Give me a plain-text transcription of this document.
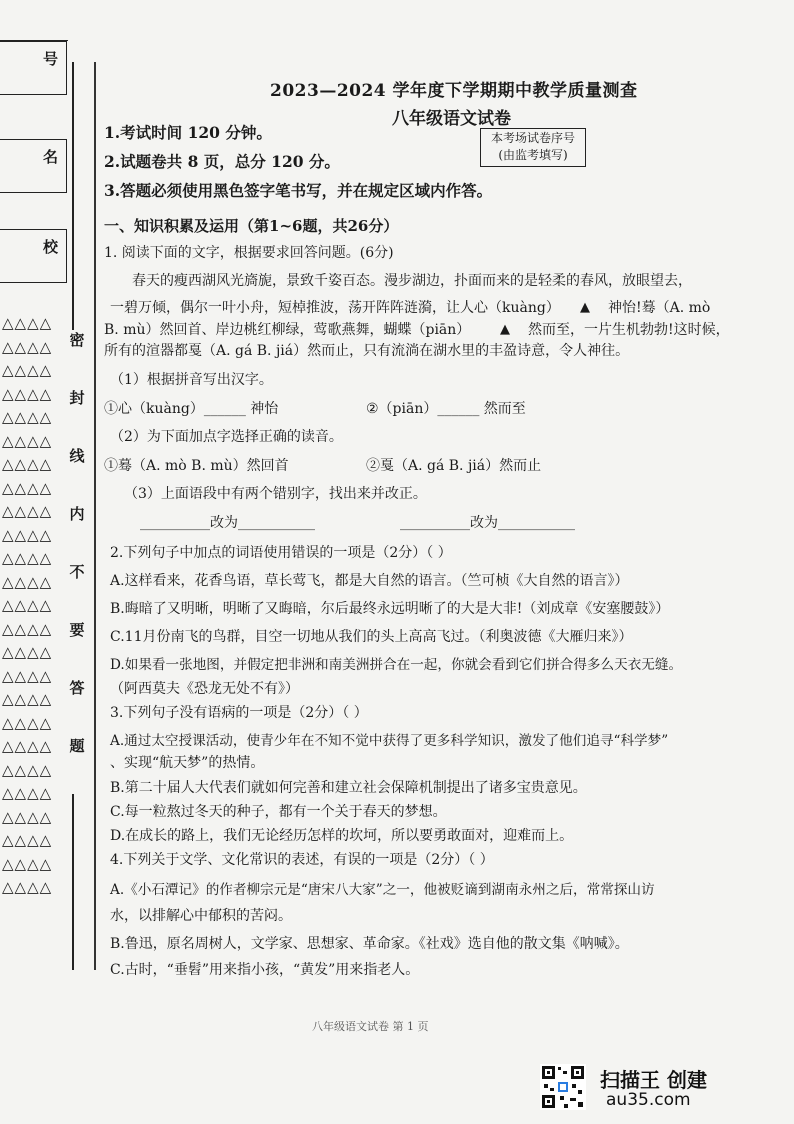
号
名
校
△△△△
△△△△
△△△△
△△△△
△△△△
△△△△
△△△△
△△△△
△△△△
△△△△
△△△△
△△△△
△△△△
△△△△
△△△△
△△△△
△△△△
△△△△
△△△△
△△△△
△△△△
△△△△
△△△△
△△△△
△△△△
密
封
线
内
不
要
答
题
2023—2024 学年度下学期期中教学质量测查
八年级语文试卷
本考场试卷序号
(由监考填写)
1.考试时间 120 分钟。
2.试题卷共 8 页，总分 120 分。
3.答题必须使用黑色签字笔书写，并在规定区域内作答。
一、知识积累及运用（第1~6题，共26分）
1. 阅读下面的文字，根据要求回答问题。(6分)
春天的瘦西湖风光旖旎，景致千姿百态。漫步湖边，扑面而来的是轻柔的春风，放眼望去，
一碧万倾，偶尔一叶小舟，短棹推波，荡开阵阵涟漪，让人心（kuàng） ▲ 神怡!蓦（A. mò
B. mù）然回首、岸边桃红柳绿，莺歌燕舞，蝴蝶（piān） ▲ 然而至，一片生机勃勃!这时候，
所有的渲器都戛（A. gá B. jiá）然而止，只有流淌在湖水里的丰盈诗意，令人神往。
（1）根据拼音写出汉字。
①心（kuàng）______ 神怡	②（piān）______ 然而至
（2）为下面加点字选择正确的读音。
①蓦（A. mò B. mù）然回首	②戛（A. gá B. jiá）然而止
（3）上面语段中有两个错别字，找出来并改正。
__________改为___________	__________改为___________
2.下列句子中加点的词语使用错误的一项是（2分）（ ）
A.这样看来，花香鸟语，草长莺飞，都是大自然的语言。（竺可桢《大自然的语言》）
B.晦暗了又明晰，明晰了又晦暗，尔后最终永远明晰了的大是大非!（刘成章《安塞腰鼓》）
C.11月份南飞的鸟群，目空一切地从我们的头上高高飞过。（利奥波德《大雁归来》）
D.如果看一张地图，并假定把非洲和南美洲拼合在一起，你就会看到它们拼合得多么天衣无缝。
（阿西莫夫《恐龙无处不有》）
3.下列句子没有语病的一项是（2分）（ ）
A.通过太空授课活动，使青少年在不知不觉中获得了更多科学知识，激发了他们追寻“科学梦”
、实现“航天梦”的热情。
B.第二十届人大代表们就如何完善和建立社会保障机制提出了诸多宝贵意见。
C.每一粒熬过冬天的种子，都有一个关于春天的梦想。
D.在成长的路上，我们无论经历怎样的坎坷，所以要勇敢面对，迎难而上。
4.下列关于文学、文化常识的表述，有误的一项是（2分）（ ）
A.《小石潭记》的作者柳宗元是“唐宋八大家”之一，他被贬谪到湖南永州之后，常常探山访
水，以排解心中郁积的苦闷。
B.鲁迅，原名周树人，文学家、思想家、革命家。《社戏》选自他的散文集《呐喊》。
C.古时，“垂髫”用来指小孩，“黄发”用来指老人。
八年级语文试卷 第 1 页
扫描王 创建
au35.com
